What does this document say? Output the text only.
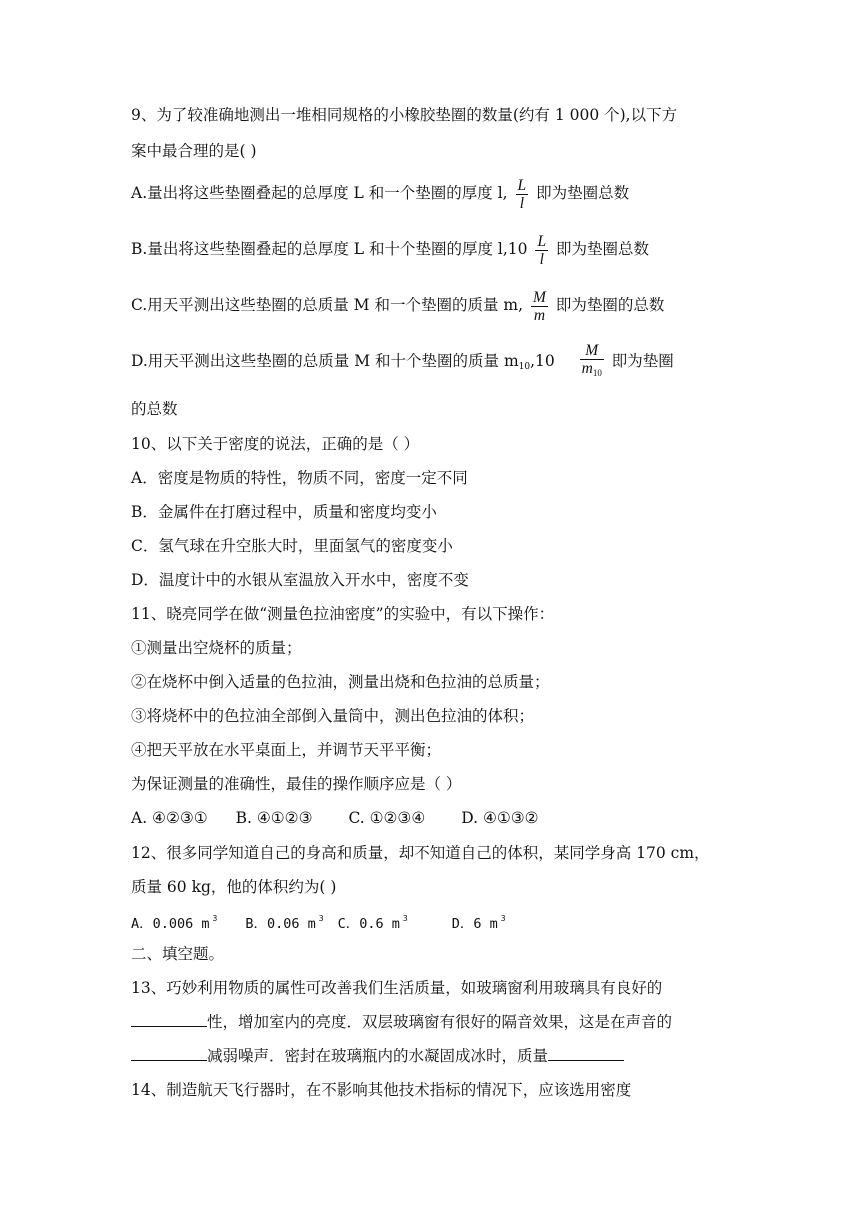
9、为了较准确地测出一堆相同规格的小橡胶垫圈的数量(约有 1 000 个),以下方
案中最合理的是( )
A.量出将这些垫圈叠起的总厚度 L 和一个垫圈的厚度 l, $\frac{L}{l}$ 即为垫圈总数
B.量出将这些垫圈叠起的总厚度 L 和十个垫圈的厚度 $l,10 \frac{L}{l}$ 即为垫圈总数
C.用天平测出这些垫圈的总质量 M 和一个垫圈的质量 m, $\frac{M}{m}$ 即为垫圈的总数
D.用天平测出这些垫圈的总质量 M 和十个垫圈的质量 $m_{10},10 \frac{M}{m_{10}}$ 即为垫圈
的总数
10、以下关于密度的说法，正确的是（ ）
A．密度是物质的特性，物质不同，密度一定不同
B．金属件在打磨过程中，质量和密度均变小
C．氢气球在升空胀大时，里面氢气的密度变小
D．温度计中的水银从室温放入开水中，密度不变
11、晓亮同学在做“测量色拉油密度”的实验中，有以下操作：
①测量出空烧杯的质量；
②在烧杯中倒入适量的色拉油，测量出烧和色拉油的总质量；
③将烧杯中的色拉油全部倒入量筒中，测出色拉油的体积；
④把天平放在水平桌面上，并调节天平平衡；
为保证测量的准确性，最佳的操作顺序应是（ ）
A. ④②③① B. ④①②③ C. ①②③④ D. ④①③②
12、很多同学知道自己的身高和质量，却不知道自己的体积，某同学身高 170 cm，
质量 60 kg，他的体积约为( )
A．0.006 m $^3$ B．0.06 m $^3$ C．0.6 m $^3$	D．6 m $^3$
二、填空题。
13、巧妙利用物质的属性可改善我们生活质量，如玻璃窗利用玻璃具有良好的
性，增加室内的亮度．双层玻璃窗有很好的隔音效果，这是在声音的
减弱噪声．密封在玻璃瓶内的水凝固成冰时，质量
14、制造航天飞行器时，在不影响其他技术指标的情况下，应该选用密度
